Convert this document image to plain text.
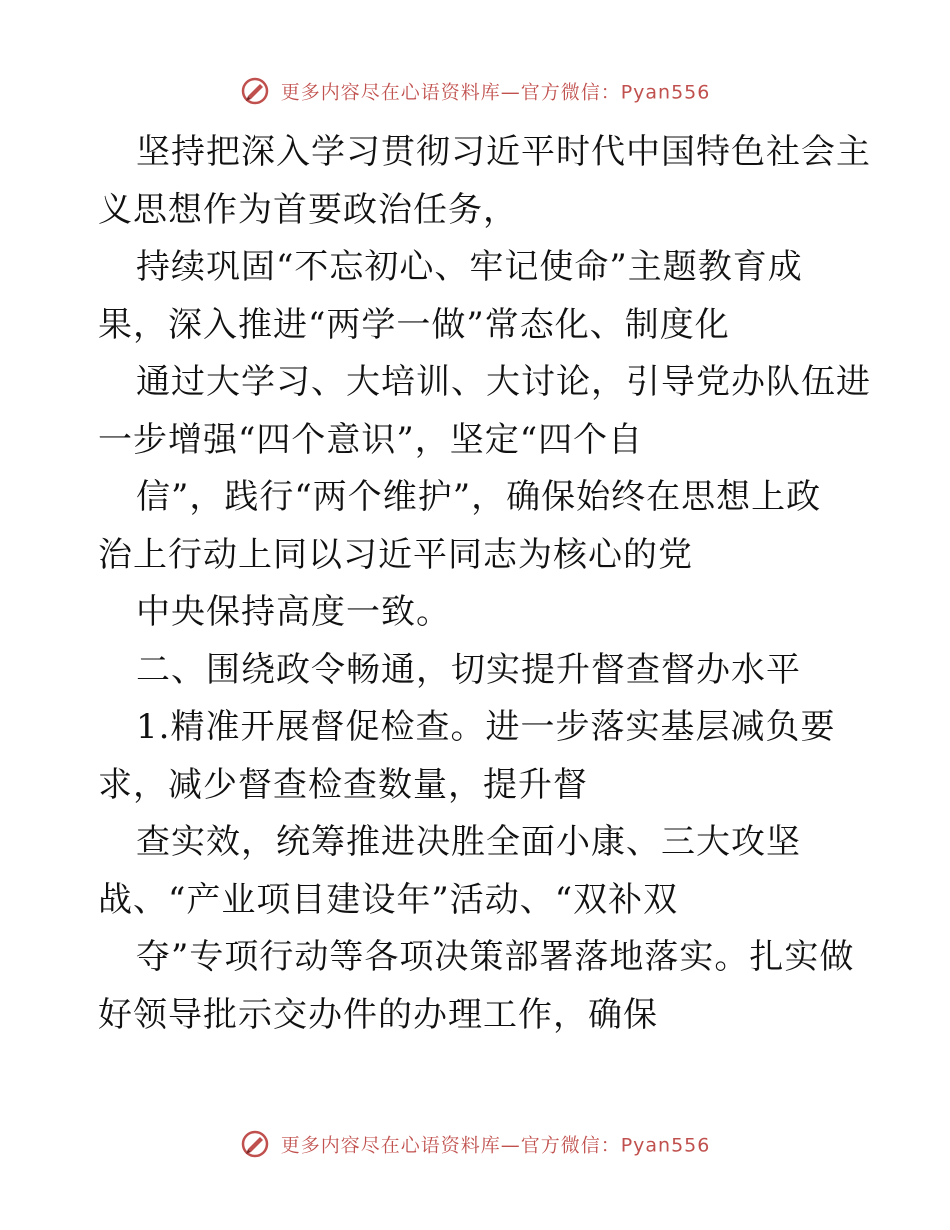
更多内容尽在心语资料库—官方微信：Pyan556
坚持把深入学习贯彻习近平时代中国特色社会主
义思想作为首要政治任务，
持续巩固“不忘初心、牢记使命”主题教育成
果，深入推进“两学一做”常态化、制度化
通过大学习、大培训、大讨论，引导党办队伍进
一步增强“四个意识”，坚定“四个自
信”，践行“两个维护”，确保始终在思想上政
治上行动上同以习近平同志为核心的党
中央保持高度一致。
二、围绕政令畅通，切实提升督查督办水平
1.精准开展督促检查。进一步落实基层减负要
求，减少督查检查数量，提升督
查实效，统筹推进决胜全面小康、三大攻坚
战、“产业项目建设年”活动、“双补双
夺”专项行动等各项决策部署落地落实。扎实做
好领导批示交办件的办理工作，确保
更多内容尽在心语资料库—官方微信：Pyan556
